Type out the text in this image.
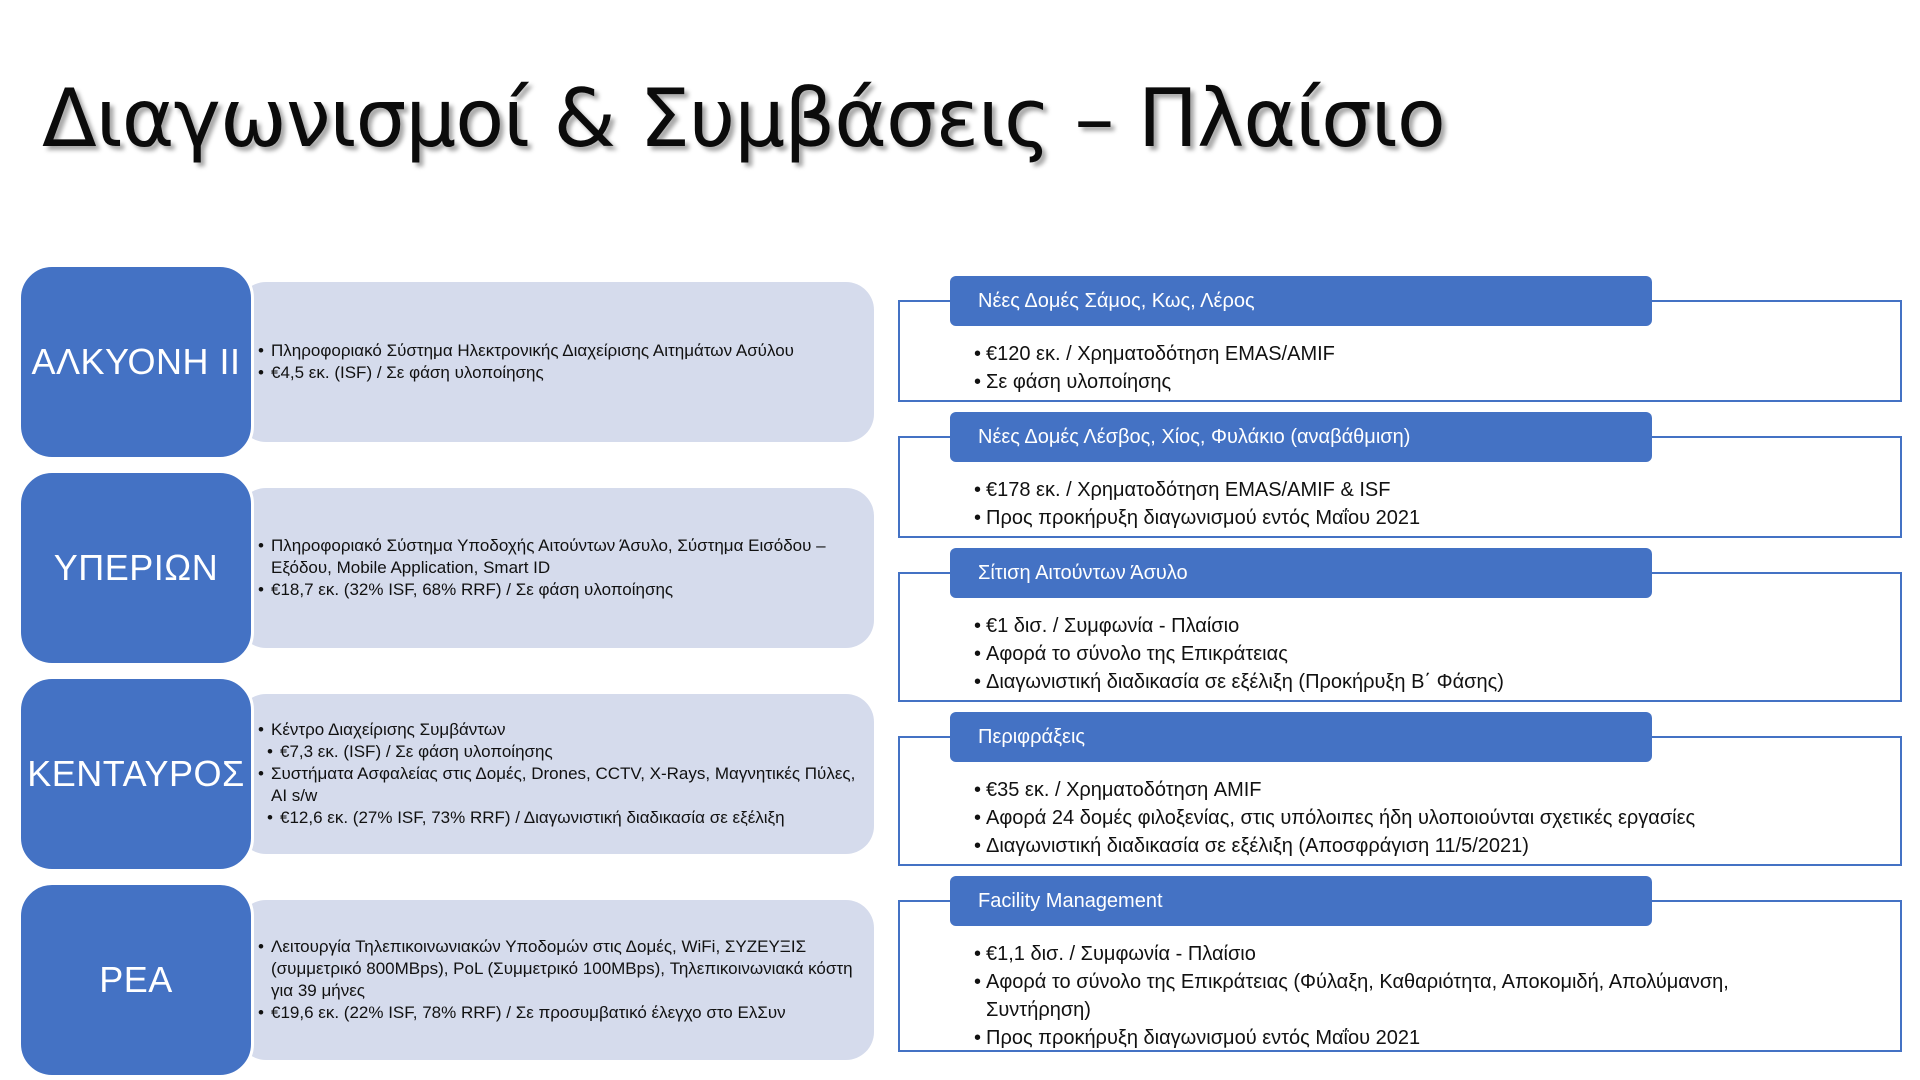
Διαγωνισμοί & Συμβάσεις – Πλαίσιο
• Πληροφοριακό Σύστημα Ηλεκτρονικής Διαχείρισης Αιτημάτων Ασύλου
• €4,5 εκ. (ISF) / Σε φάση υλοποίησης
ΑΛΚΥΟΝΗ ΙΙ
• Πληροφοριακό Σύστημα Υποδοχής Αιτούντων Άσυλο, Σύστημα Εισόδου – Εξόδου, Mobile Application, Smart ID
• €18,7 εκ. (32% ISF, 68% RRF) / Σε φάση υλοποίησης
ΥΠΕΡΙΩΝ
• Κέντρο Διαχείρισης Συμβάντων
• €7,3 εκ. (ISF) / Σε φάση υλοποίησης
• Συστήματα Ασφαλείας στις Δομές, Drones, CCTV, X-Rays, Μαγνητικές Πύλες, AI s/w
• €12,6 εκ. (27% ISF, 73% RRF) / Διαγωνιστική διαδικασία σε εξέλιξη
ΚΕΝΤΑΥΡΟΣ
• Λειτουργία Τηλεπικοινωνιακών Υποδομών στις Δομές, WiFi, ΣΥΖΕΥΞΙΣ (συμμετρικό 800MBps), PoL (Συμμετρικό 100MBps), Τηλεπικοινωνιακά κόστη για 39 μήνες
• €19,6 εκ. (22% ISF, 78% RRF) / Σε προσυμβατικό έλεγχο στο ΕλΣυν
ΡΕΑ
Νέες Δομές Σάμος, Κως, Λέρος
• €120 εκ. / Χρηματοδότηση EMAS/AMIF
• Σε φάση υλοποίησης
Νέες Δομές Λέσβος, Χίος, Φυλάκιο (αναβάθμιση)
• €178 εκ. / Χρηματοδότηση EMAS/AMIF & ISF
• Προς προκήρυξη διαγωνισμού εντός Μαΐου 2021
Σίτιση Αιτούντων Άσυλο
• €1 δισ. / Συμφωνία - Πλαίσιο
• Αφορά το σύνολο της Επικράτειας
• Διαγωνιστική διαδικασία σε εξέλιξη (Προκήρυξη Β΄ Φάσης)
Περιφράξεις
• €35 εκ. / Χρηματοδότηση AMIF
• Αφορά 24 δομές φιλοξενίας, στις υπόλοιπες ήδη υλοποιούνται σχετικές εργασίες
• Διαγωνιστική διαδικασία σε εξέλιξη (Αποσφράγιση 11/5/2021)
Facility Management
• €1,1 δισ. / Συμφωνία - Πλαίσιο
• Αφορά το σύνολο της Επικράτειας (Φύλαξη, Καθαριότητα, Αποκομιδή, Απολύμανση, Συντήρηση)
• Προς προκήρυξη διαγωνισμού εντός Μαΐου 2021
